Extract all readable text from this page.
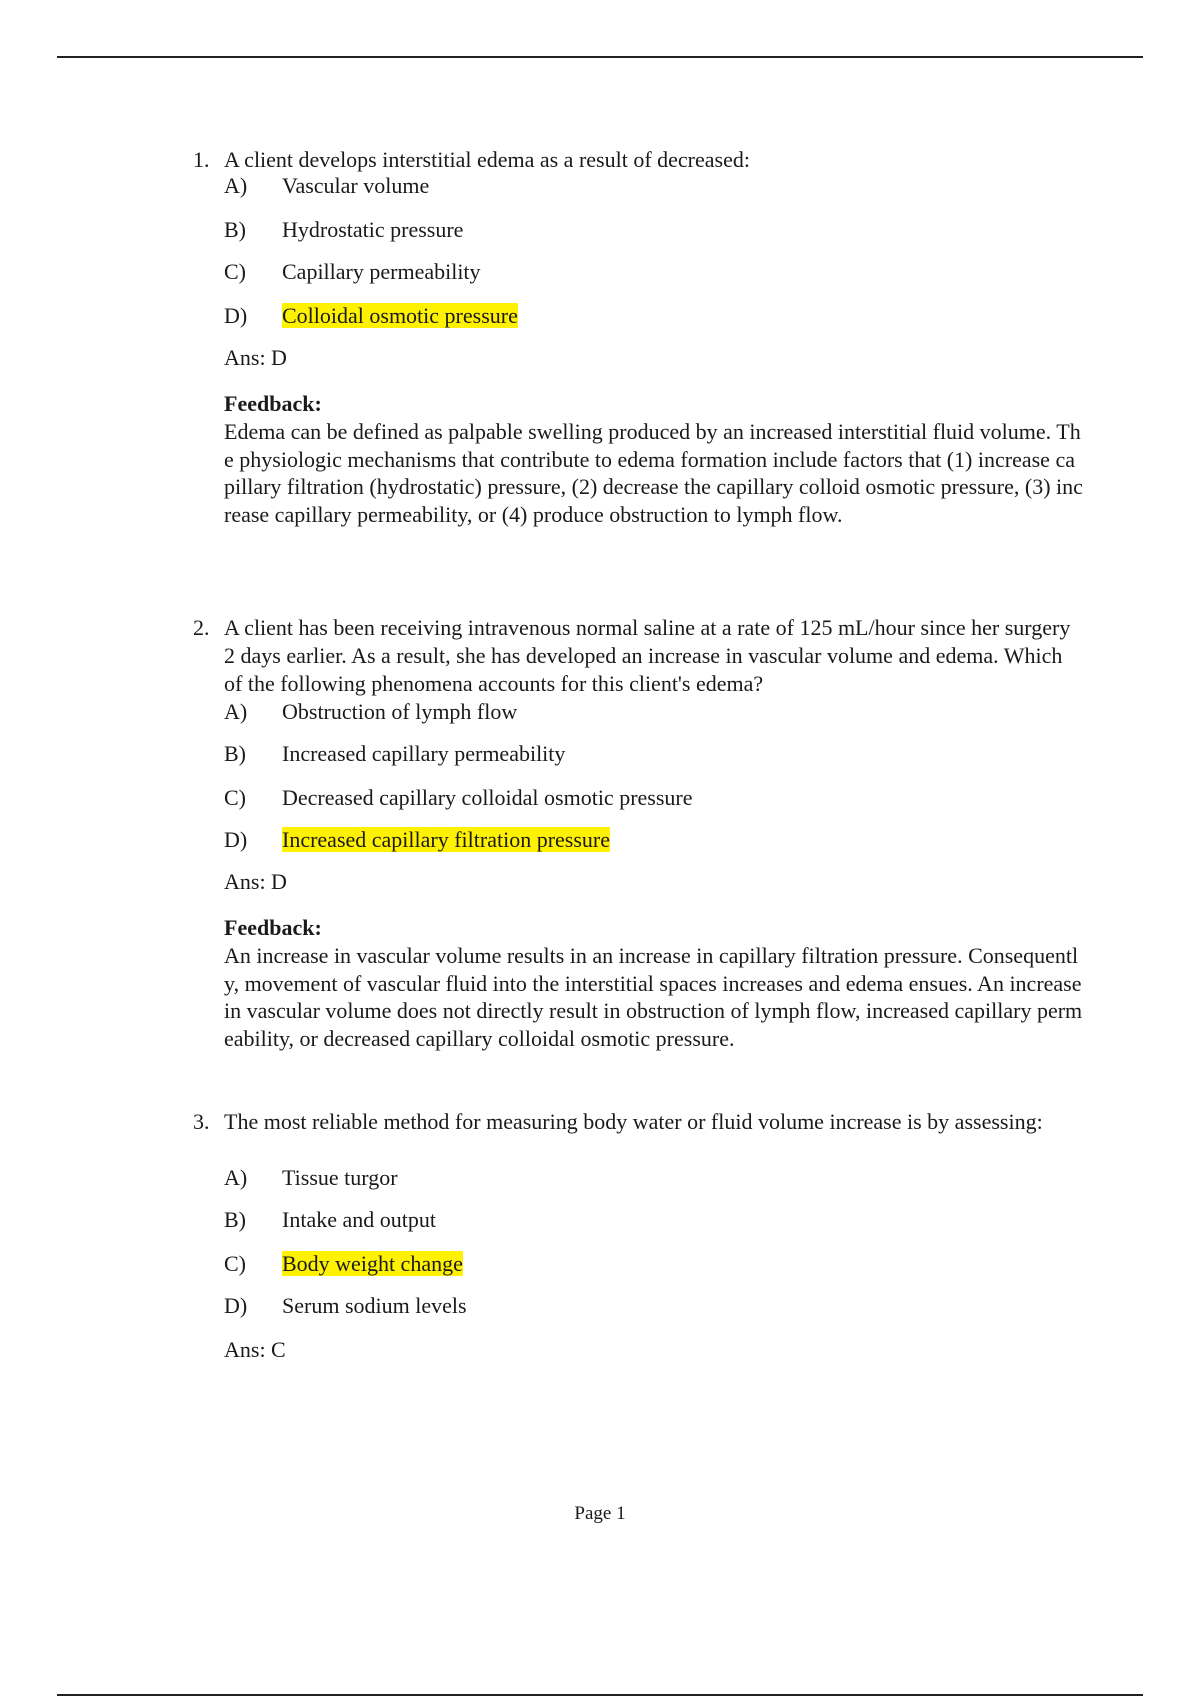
1. A client develops interstitial edema as a result of decreased:
A) Vascular volume
B) Hydrostatic pressure
C) Capillary permeability
D) Colloidal osmotic pressure
Ans: D
Feedback:
Edema can be defined as palpable swelling produced by an increased interstitial fluid volume. The physiologic mechanisms that contribute to edema formation include factors that (1) increase capillary filtration (hydrostatic) pressure, (2) decrease the capillary colloid osmotic pressure, (3) increase capillary permeability, or (4) produce obstruction to lymph flow.
2. A client has been receiving intravenous normal saline at a rate of 125 mL/hour since her surgery 2 days earlier. As a result, she has developed an increase in vascular volume and edema. Which of the following phenomena accounts for this client's edema?
A) Obstruction of lymph flow
B) Increased capillary permeability
C) Decreased capillary colloidal osmotic pressure
D) Increased capillary filtration pressure
Ans: D
Feedback:
An increase in vascular volume results in an increase in capillary filtration pressure. Consequently, movement of vascular fluid into the interstitial spaces increases and edema ensues. An increase in vascular volume does not directly result in obstruction of lymph flow, increased capillary permeability, or decreased capillary colloidal osmotic pressure.
3. The most reliable method for measuring body water or fluid volume increase is by assessing:
A) Tissue turgor
B) Intake and output
C) Body weight change
D) Serum sodium levels
Ans: C
Page 1
